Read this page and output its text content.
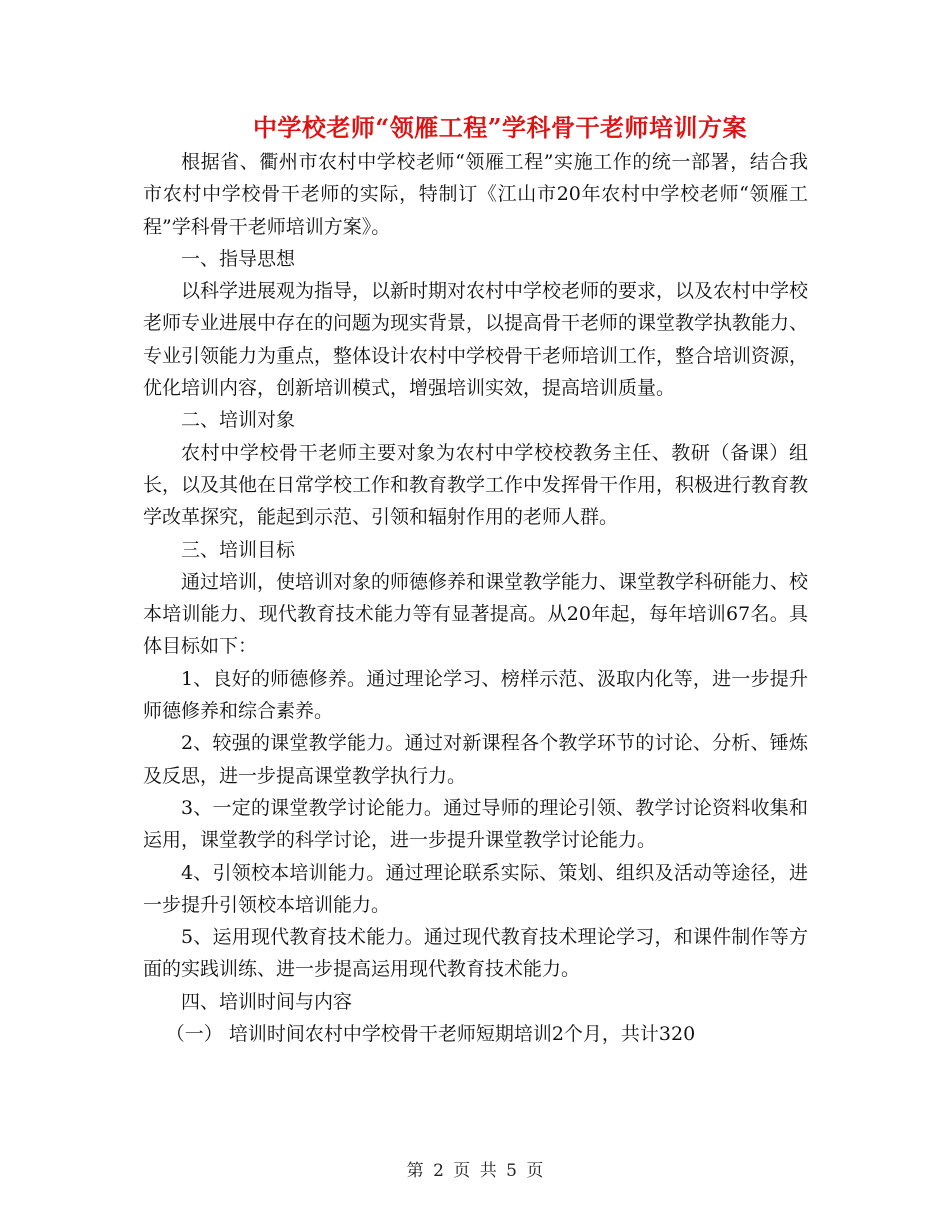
中学校老师“领雁工程”学科骨干老师培训方案

根据省、衢州市农村中学校老师“领雁工程”实施工作的统一部署，结合我市农村中学校骨干老师的实际，特制订《江山市20年农村中学校老师“领雁工程”学科骨干老师培训方案》。

一、指导思想

以科学进展观为指导，以新时期对农村中学校老师的要求，以及农村中学校老师专业进展中存在的问题为现实背景，以提高骨干老师的课堂教学执教能力、专业引领能力为重点，整体设计农村中学校骨干老师培训工作，整合培训资源，优化培训内容，创新培训模式，增强培训实效，提高培训质量。

二、培训对象

农村中学校骨干老师主要对象为农村中学校校教务主任、教研（备课）组长，以及其他在日常学校工作和教育教学工作中发挥骨干作用，积极进行教育教学改革探究，能起到示范、引领和辐射作用的老师人群。

三、培训目标

通过培训，使培训对象的师德修养和课堂教学能力、课堂教学科研能力、校本培训能力、现代教育技术能力等有显著提高。从20年起，每年培训67名。具体目标如下：

1、良好的师德修养。通过理论学习、榜样示范、汲取内化等，进一步提升师德修养和综合素养。

2、较强的课堂教学能力。通过对新课程各个教学环节的讨论、分析、锤炼及反思，进一步提高课堂教学执行力。

3、一定的课堂教学讨论能力。通过导师的理论引领、教学讨论资料收集和运用，课堂教学的科学讨论，进一步提升课堂教学讨论能力。

4、引领校本培训能力。通过理论联系实际、策划、组织及活动等途径，进一步提升引领校本培训能力。

5、运用现代教育技术能力。通过现代教育技术理论学习，和课件制作等方面的实践训练、进一步提高运用现代教育技术能力。

四、培训时间与内容

（一） 培训时间农村中学校骨干老师短期培训2个月，共计320

第 2 页 共 5 页
